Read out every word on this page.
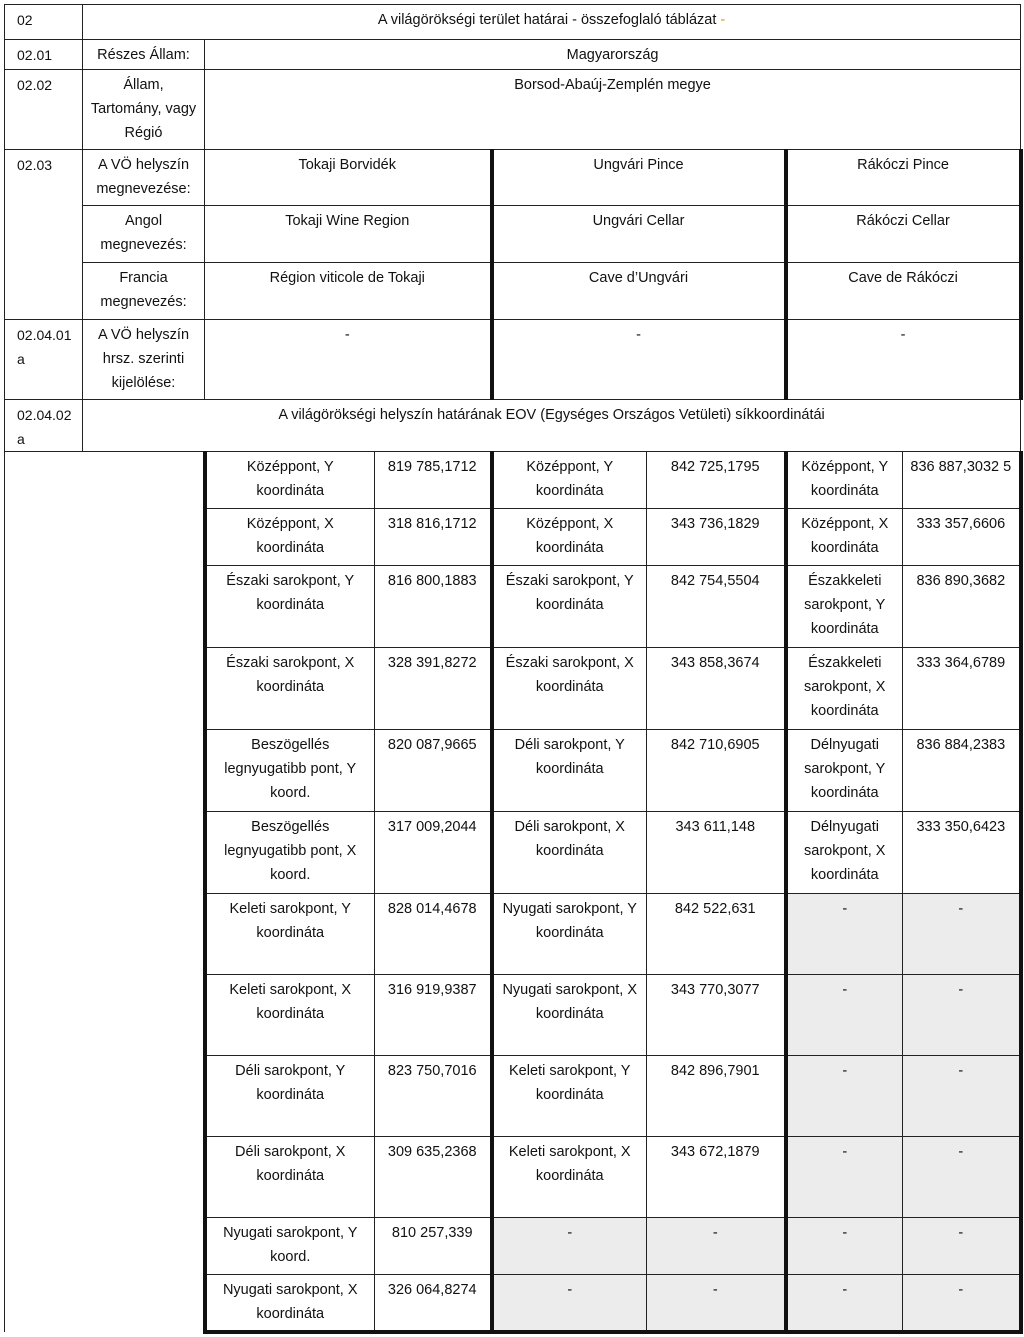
02	A világörökségi terület határai - összefoglaló táblázat -						
02.01	Részes Állam:	Magyarország					
02.02	Állam, Tartomány, vagy Régió	Borsod-Abaúj-Zemplén megye					
02.03	A VÖ helyszín megnevezése:	Tokaji Borvidék		Ungvári Pince		Rákóczi Pince	
	Angol megnevezés:	Tokaji Wine Region		Ungvári Cellar		Rákóczi Cellar	
	Francia megnevezés:	Région viticole de Tokaji		Cave d’Ungvári		Cave de Rákóczi	
02.04.01 a	A VÖ helyszín hrsz. szerinti kijelölése:	-		-		-	
02.04.02 a	A világörökségi helyszín határának EOV (Egységes Országos Vetületi) síkkoordinátái						
		Középpont, Y koordináta	819 785,1712	Középpont, Y koordináta	842 725,1795	Középpont, Y koordináta	836 887,3032 5
		Középpont, X koordináta	318 816,1712	Középpont, X koordináta	343 736,1829	Középpont, X koordináta	333 357,6606
		Északi sarokpont, Y koordináta	816 800,1883	Északi sarokpont, Y koordináta	842 754,5504	Északkeleti sarokpont, Y koordináta	836 890,3682
		Északi sarokpont, X koordináta	328 391,8272	Északi sarokpont, X koordináta	343 858,3674	Északkeleti sarokpont, X koordináta	333 364,6789
		Beszögellés legnyugatibb pont, Y koord.	820 087,9665	Déli sarokpont, Y koordináta	842 710,6905	Délnyugati sarokpont, Y koordináta	836 884,2383
		Beszögellés legnyugatibb pont, X koord.	317 009,2044	Déli sarokpont, X koordináta	343 611,148	Délnyugati sarokpont, X koordináta	333 350,6423
		Keleti sarokpont, Y koordináta	828 014,4678	Nyugati sarokpont, Y koordináta	842 522,631	-	-
		Keleti sarokpont, X koordináta	316 919,9387	Nyugati sarokpont, X koordináta	343 770,3077	-	-
		Déli sarokpont, Y koordináta	823 750,7016	Keleti sarokpont, Y koordináta	842 896,7901	-	-
		Déli sarokpont, X koordináta	309 635,2368	Keleti sarokpont, X koordináta	343 672,1879	-	-
		Nyugati sarokpont, Y koord.	810 257,339	-	-	-	-
		Nyugati sarokpont, X koordináta	326 064,8274	-	-	-	-
